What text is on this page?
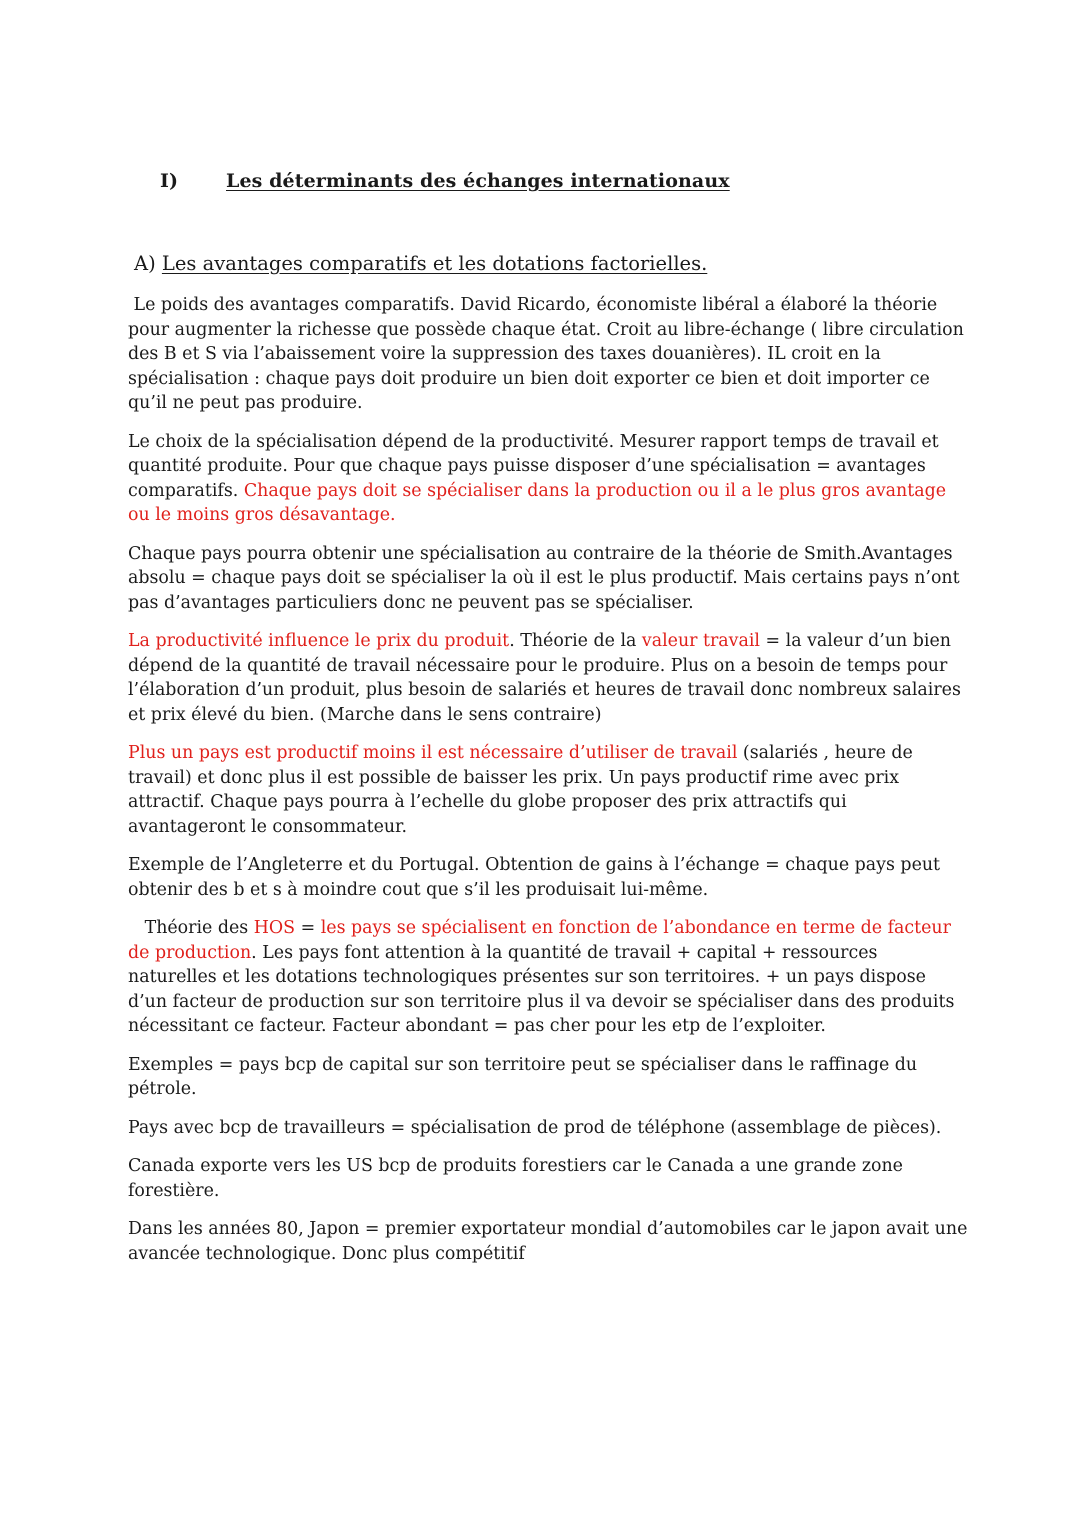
I)	Les déterminants des échanges internationaux
A) Les avantages comparatifs et les dotations factorielles.

Le poids des avantages comparatifs. David Ricardo, économiste libéral a élaboré la théorie pour augmenter la richesse que possède chaque état. Croit au libre-échange ( libre circulation des B et S via l’abaissement voire la suppression des taxes douanières). IL croit en la spécialisation : chaque pays doit produire un bien doit exporter ce bien et doit importer ce qu’il ne peut pas produire.

Le choix de la spécialisation dépend de la productivité. Mesurer rapport temps de travail et quantité produite. Pour que chaque pays puisse disposer d’une spécialisation = avantages comparatifs. Chaque pays doit se spécialiser dans la production ou il a le plus gros avantage ou le moins gros désavantage.

Chaque pays pourra obtenir une spécialisation au contraire de la théorie de Smith.Avantages absolu = chaque pays doit se spécialiser la où il est le plus productif. Mais certains pays n’ont pas d’avantages particuliers donc ne peuvent pas se spécialiser.

La productivité influence le prix du produit. Théorie de la valeur travail = la valeur d’un bien dépend de la quantité de travail nécessaire pour le produire. Plus on a besoin de temps pour l’élaboration d’un produit, plus besoin de salariés et heures de travail donc nombreux salaires et prix élevé du bien. (Marche dans le sens contraire)

Plus un pays est productif moins il est nécessaire d’utiliser de travail (salariés , heure de travail) et donc plus il est possible de baisser les prix. Un pays productif rime avec prix attractif. Chaque pays pourra à l’echelle du globe proposer des prix attractifs qui avantageront le consommateur.

Exemple de l’Angleterre et du Portugal. Obtention de gains à l’échange = chaque pays peut obtenir des b et s à moindre cout que s’il les produisait lui-même.

Théorie des HOS = les pays se spécialisent en fonction de l’abondance en terme de facteur de production. Les pays font attention à la quantité de travail + capital + ressources naturelles et les dotations technologiques présentes sur son territoires. + un pays dispose d’un facteur de production sur son territoire plus il va devoir se spécialiser dans des produits nécessitant ce facteur. Facteur abondant = pas cher pour les etp de l’exploiter.

Exemples = pays bcp de capital sur son territoire peut se spécialiser dans le raffinage du pétrole.

Pays avec bcp de travailleurs = spécialisation de prod de téléphone (assemblage de pièces).

Canada exporte vers les US bcp de produits forestiers car le Canada a une grande zone forestière.

Dans les années 80, Japon = premier exportateur mondial d’automobiles car le japon avait une avancée technologique. Donc plus compétitif
